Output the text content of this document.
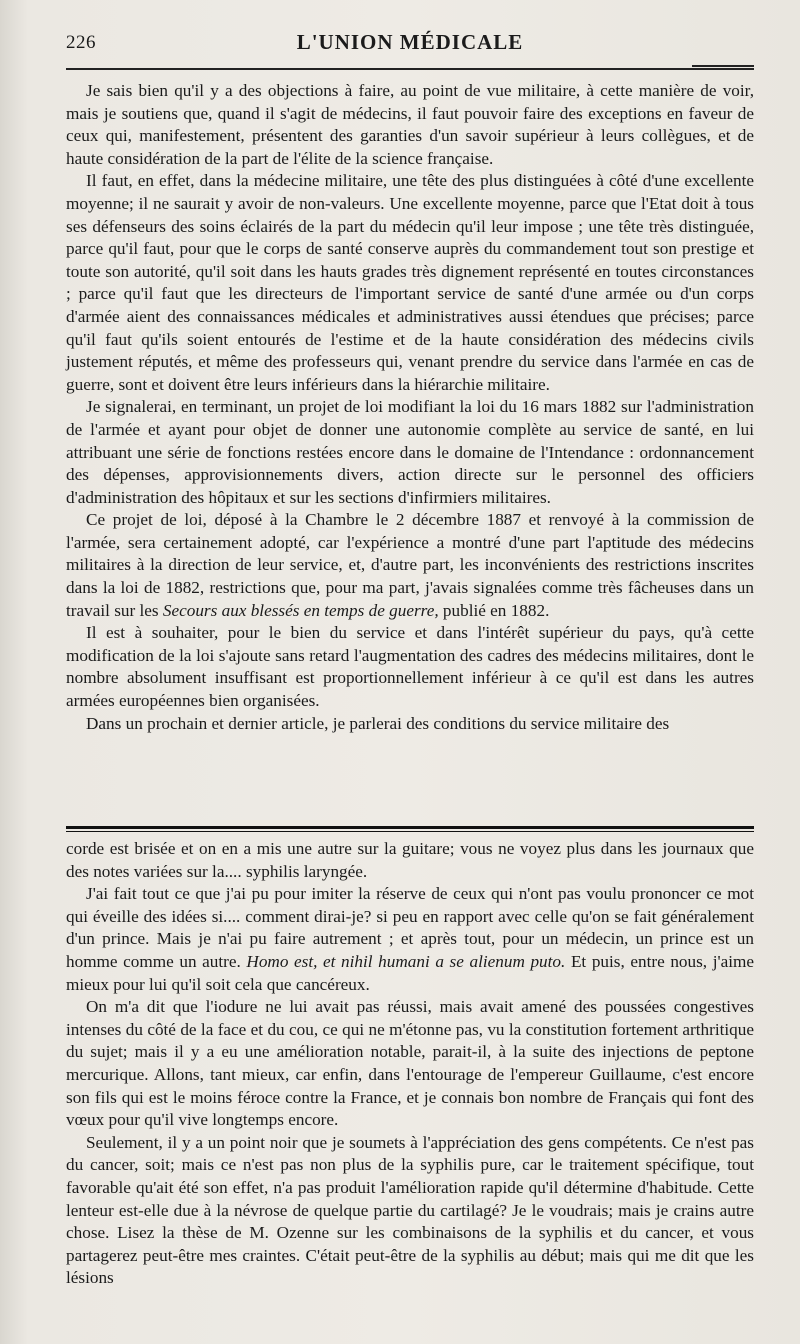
226	L'UNION MÉDICALE

Je sais bien qu'il y a des objections à faire, au point de vue militaire, à cette manière de voir, mais je soutiens que, quand il s'agit de médecins, il faut pouvoir faire des exceptions en faveur de ceux qui, manifestement, présentent des garanties d'un savoir supérieur à leurs collègues, et de haute considération de la part de l'élite de la science française.

Il faut, en effet, dans la médecine militaire, une tête des plus distinguées à côté d'une excellente moyenne; il ne saurait y avoir de non-valeurs. Une excellente moyenne, parce que l'Etat doit à tous ses défenseurs des soins éclairés de la part du médecin qu'il leur impose ; une tête très distinguée, parce qu'il faut, pour que le corps de santé conserve auprès du commandement tout son prestige et toute son autorité, qu'il soit dans les hauts grades très dignement représenté en toutes circonstances ; parce qu'il faut que les directeurs de l'important service de santé d'une armée ou d'un corps d'armée aient des connaissances médicales et administratives aussi étendues que précises; parce qu'il faut qu'ils soient entourés de l'estime et de la haute considération des médecins civils justement réputés, et même des professeurs qui, venant prendre du service dans l'armée en cas de guerre, sont et doivent être leurs inférieurs dans la hiérarchie militaire.

Je signalerai, en terminant, un projet de loi modifiant la loi du 16 mars 1882 sur l'administration de l'armée et ayant pour objet de donner une autonomie complète au service de santé, en lui attribuant une série de fonctions restées encore dans le domaine de l'Intendance : ordonnancement des dépenses, approvisionnements divers, action directe sur le personnel des officiers d'administration des hôpitaux et sur les sections d'infirmiers militaires.

Ce projet de loi, déposé à la Chambre le 2 décembre 1887 et renvoyé à la commission de l'armée, sera certainement adopté, car l'expérience a montré d'une part l'aptitude des médecins militaires à la direction de leur service, et, d'autre part, les inconvénients des restrictions inscrites dans la loi de 1882, restrictions que, pour ma part, j'avais signalées comme très fâcheuses dans un travail sur les Secours aux blessés en temps de guerre, publié en 1882.

Il est à souhaiter, pour le bien du service et dans l'intérêt supérieur du pays, qu'à cette modification de la loi s'ajoute sans retard l'augmentation des cadres des médecins militaires, dont le nombre absolument insuffisant est proportionnellement inférieur à ce qu'il est dans les autres armées européennes bien organisées.

Dans un prochain et dernier article, je parlerai des conditions du service militaire des

corde est brisée et on en a mis une autre sur la guitare; vous ne voyez plus dans les journaux que des notes variées sur la.... syphilis laryngée.

J'ai fait tout ce que j'ai pu pour imiter la réserve de ceux qui n'ont pas voulu prononcer ce mot qui éveille des idées si.... comment dirai-je? si peu en rapport avec celle qu'on se fait généralement d'un prince. Mais je n'ai pu faire autrement ; et après tout, pour un médecin, un prince est un homme comme un autre. Homo est, et nihil humani a se alienum puto. Et puis, entre nous, j'aime mieux pour lui qu'il soit cela que cancéreux.

On m'a dit que l'iodure ne lui avait pas réussi, mais avait amené des poussées congestives intenses du côté de la face et du cou, ce qui ne m'étonne pas, vu la constitution fortement arthritique du sujet; mais il y a eu une amélioration notable, parait-il, à la suite des injections de peptone mercurique. Allons, tant mieux, car enfin, dans l'entourage de l'empereur Guillaume, c'est encore son fils qui est le moins féroce contre la France, et je connais bon nombre de Français qui font des vœux pour qu'il vive longtemps encore.

Seulement, il y a un point noir que je soumets à l'appréciation des gens compétents. Ce n'est pas du cancer, soit; mais ce n'est pas non plus de la syphilis pure, car le traitement spécifique, tout favorable qu'ait été son effet, n'a pas produit l'amélioration rapide qu'il détermine d'habitude. Cette lenteur est-elle due à la névrose de quelque partie du cartilagé? Je le voudrais; mais je crains autre chose. Lisez la thèse de M. Ozenne sur les combinaisons de la syphilis et du cancer, et vous partagerez peut-être mes craintes. C'était peut-être de la syphilis au début; mais qui me dit que les lésions
